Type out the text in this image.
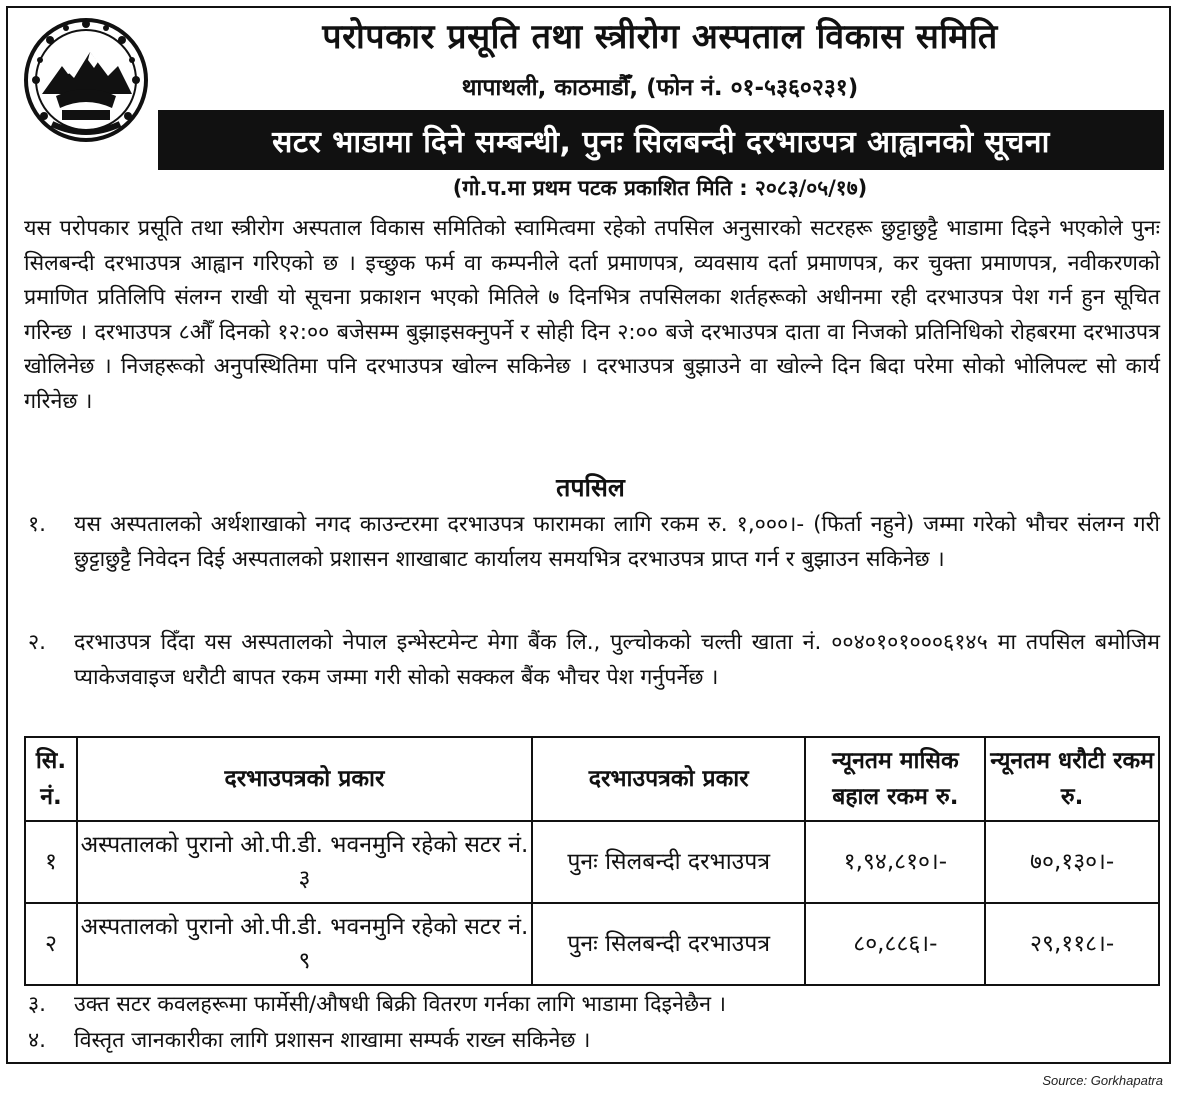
परोपकार प्रसूति तथा स्त्रीरोग अस्पताल विकास समिति
थापाथली, काठमाडौँ, (फोन नं. ०१-५३६०२३१)
सटर भाडामा दिने सम्बन्धी, पुनः सिलबन्दी दरभाउपत्र आह्वानको सूचना
(गो.प.मा प्रथम पटक प्रकाशित मिति : २०८३/०५/१७)
यस परोपकार प्रसूति तथा स्त्रीरोग अस्पताल विकास समितिको स्वामित्वमा रहेको तपसिल अनुसारको सटरहरू छुट्टाछुट्टै भाडामा दिइने भएकोले पुनः सिलबन्दी दरभाउपत्र आह्वान गरिएको छ । इच्छुक फर्म वा कम्पनीले दर्ता प्रमाणपत्र, व्यवसाय दर्ता प्रमाणपत्र, कर चुक्ता प्रमाणपत्र, नवीकरणको प्रमाणित प्रतिलिपि संलग्न राखी यो सूचना प्रकाशन भएको मितिले ७ दिनभित्र तपसिलका शर्तहरूको अधीनमा रही दरभाउपत्र पेश गर्न हुन सूचित गरिन्छ । दरभाउपत्र ८औँ दिनको १२:०० बजेसम्म बुझाइसक्नुपर्ने र सोही दिन २:०० बजे दरभाउपत्र दाता वा निजको प्रतिनिधिको रोहबरमा दरभाउपत्र खोलिनेछ । निजहरूको अनुपस्थितिमा पनि दरभाउपत्र खोल्न सकिनेछ । दरभाउपत्र बुझाउने वा खोल्ने दिन बिदा परेमा सोको भोलिपल्ट सो कार्य गरिनेछ ।
तपसिल
१.	यस अस्पतालको अर्थशाखाको नगद काउन्टरमा दरभाउपत्र फारामका लागि रकम रु. १,०००।- (फिर्ता नहुने) जम्मा गरेको भौचर संलग्न गरी छुट्टाछुट्टै निवेदन दिई अस्पतालको प्रशासन शाखाबाट कार्यालय समयभित्र दरभाउपत्र प्राप्त गर्न र बुझाउन सकिनेछ ।
२.	दरभाउपत्र दिँदा यस अस्पतालको नेपाल इन्भेस्टमेन्ट मेगा बैंक लि., पुल्चोकको चल्ती खाता नं. ००४०१०१०००६१४५ मा तपसिल बमोजिम प्याकेजवाइज धरौटी बापत रकम जम्मा गरी सोको सक्कल बैंक भौचर पेश गर्नुपर्नेछ ।
सि. नं.	दरभाउपत्रको प्रकार	दरभाउपत्रको प्रकार	न्यूनतम मासिक बहाल रकम रु.	न्यूनतम धरौटी रकम रु.
१	अस्पतालको पुरानो ओ.पी.डी. भवनमुनि रहेको सटर नं. ३	पुनः सिलबन्दी दरभाउपत्र	१,९४,८१०।-	७०,१३०।-
२	अस्पतालको पुरानो ओ.पी.डी. भवनमुनि रहेको सटर नं. ९	पुनः सिलबन्दी दरभाउपत्र	८०,८८६।-	२९,११८।-
३.	उक्त सटर कवलहरूमा फार्मेसी/औषधी बिक्री वितरण गर्नका लागि भाडामा दिइनेछैन ।
४.	विस्तृत जानकारीका लागि प्रशासन शाखामा सम्पर्क राख्न सकिनेछ ।
Source: Gorkhapatra
